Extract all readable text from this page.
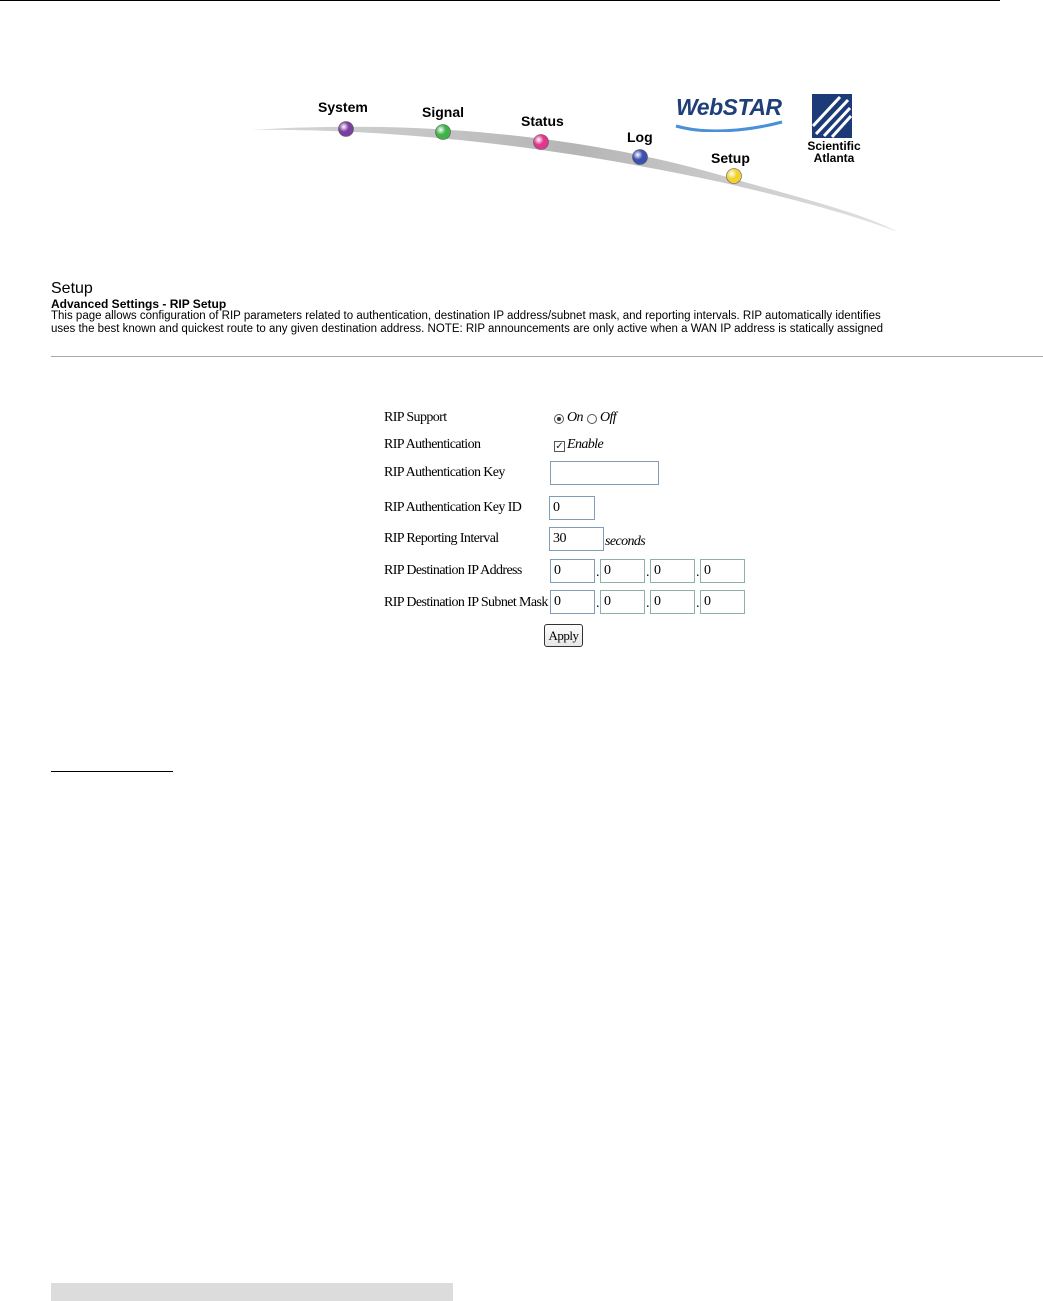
System	Signal
Status
Log
Setup
WebSTAR
Scientific
Atlanta
Setup
Advanced Settings - RIP Setup
This page allows configuration of RIP parameters related to authentication, destination IP address/subnet mask, and reporting intervals. RIP automatically identifies
uses the best known and quickest route to any given destination address. NOTE: RIP announcements are only active when a WAN IP address is statically assigned
RIP Support	On Off
RIP Authentication	✓ Enable
RIP Authentication Key
RIP Authentication Key ID 0
RIP Reporting Interval	30	seconds
RIP Destination IP Address 0	. 0	. 0	. 0
RIP Destination IP Subnet Mask 0	. 0	. 0	. 0
Apply
